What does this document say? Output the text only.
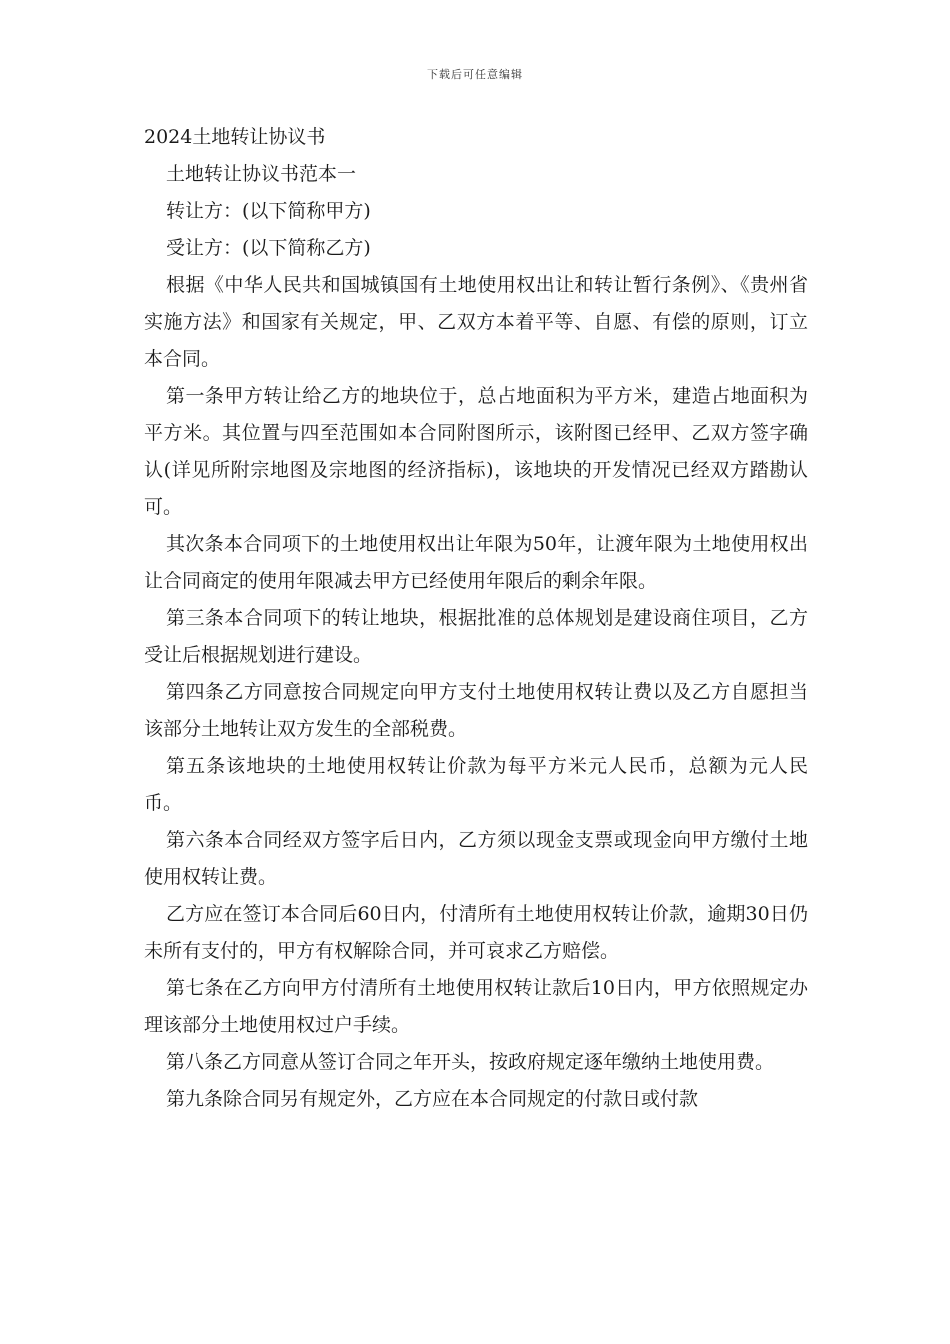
下载后可任意编辑

2024土地转让协议书

土地转让协议书范本一

转让方：(以下简称甲方)

受让方：(以下简称乙方)

根据《中华人民共和国城镇国有土地使用权出让和转让暂行条例》、《贵州省实施方法》和国家有关规定，甲、乙双方本着平等、自愿、有偿的原则，订立本合同。

第一条甲方转让给乙方的地块位于，总占地面积为平方米，建造占地面积为平方米。其位置与四至范围如本合同附图所示，该附图已经甲、乙双方签字确认(详见所附宗地图及宗地图的经济指标)，该地块的开发情况已经双方踏勘认可。

其次条本合同项下的土地使用权出让年限为50年，让渡年限为土地使用权出让合同商定的使用年限减去甲方已经使用年限后的剩余年限。

第三条本合同项下的转让地块，根据批准的总体规划是建设商住项目，乙方受让后根据规划进行建设。

第四条乙方同意按合同规定向甲方支付土地使用权转让费以及乙方自愿担当该部分土地转让双方发生的全部税费。

第五条该地块的土地使用权转让价款为每平方米元人民币，总额为元人民币。

第六条本合同经双方签字后日内，乙方须以现金支票或现金向甲方缴付土地使用权转让费。

乙方应在签订本合同后60日内，付清所有土地使用权转让价款，逾期30日仍未所有支付的，甲方有权解除合同，并可哀求乙方赔偿。

第七条在乙方向甲方付清所有土地使用权转让款后10日内，甲方依照规定办理该部分土地使用权过户手续。

第八条乙方同意从签订合同之年开头，按政府规定逐年缴纳土地使用费。

第九条除合同另有规定外，乙方应在本合同规定的付款日或付款
